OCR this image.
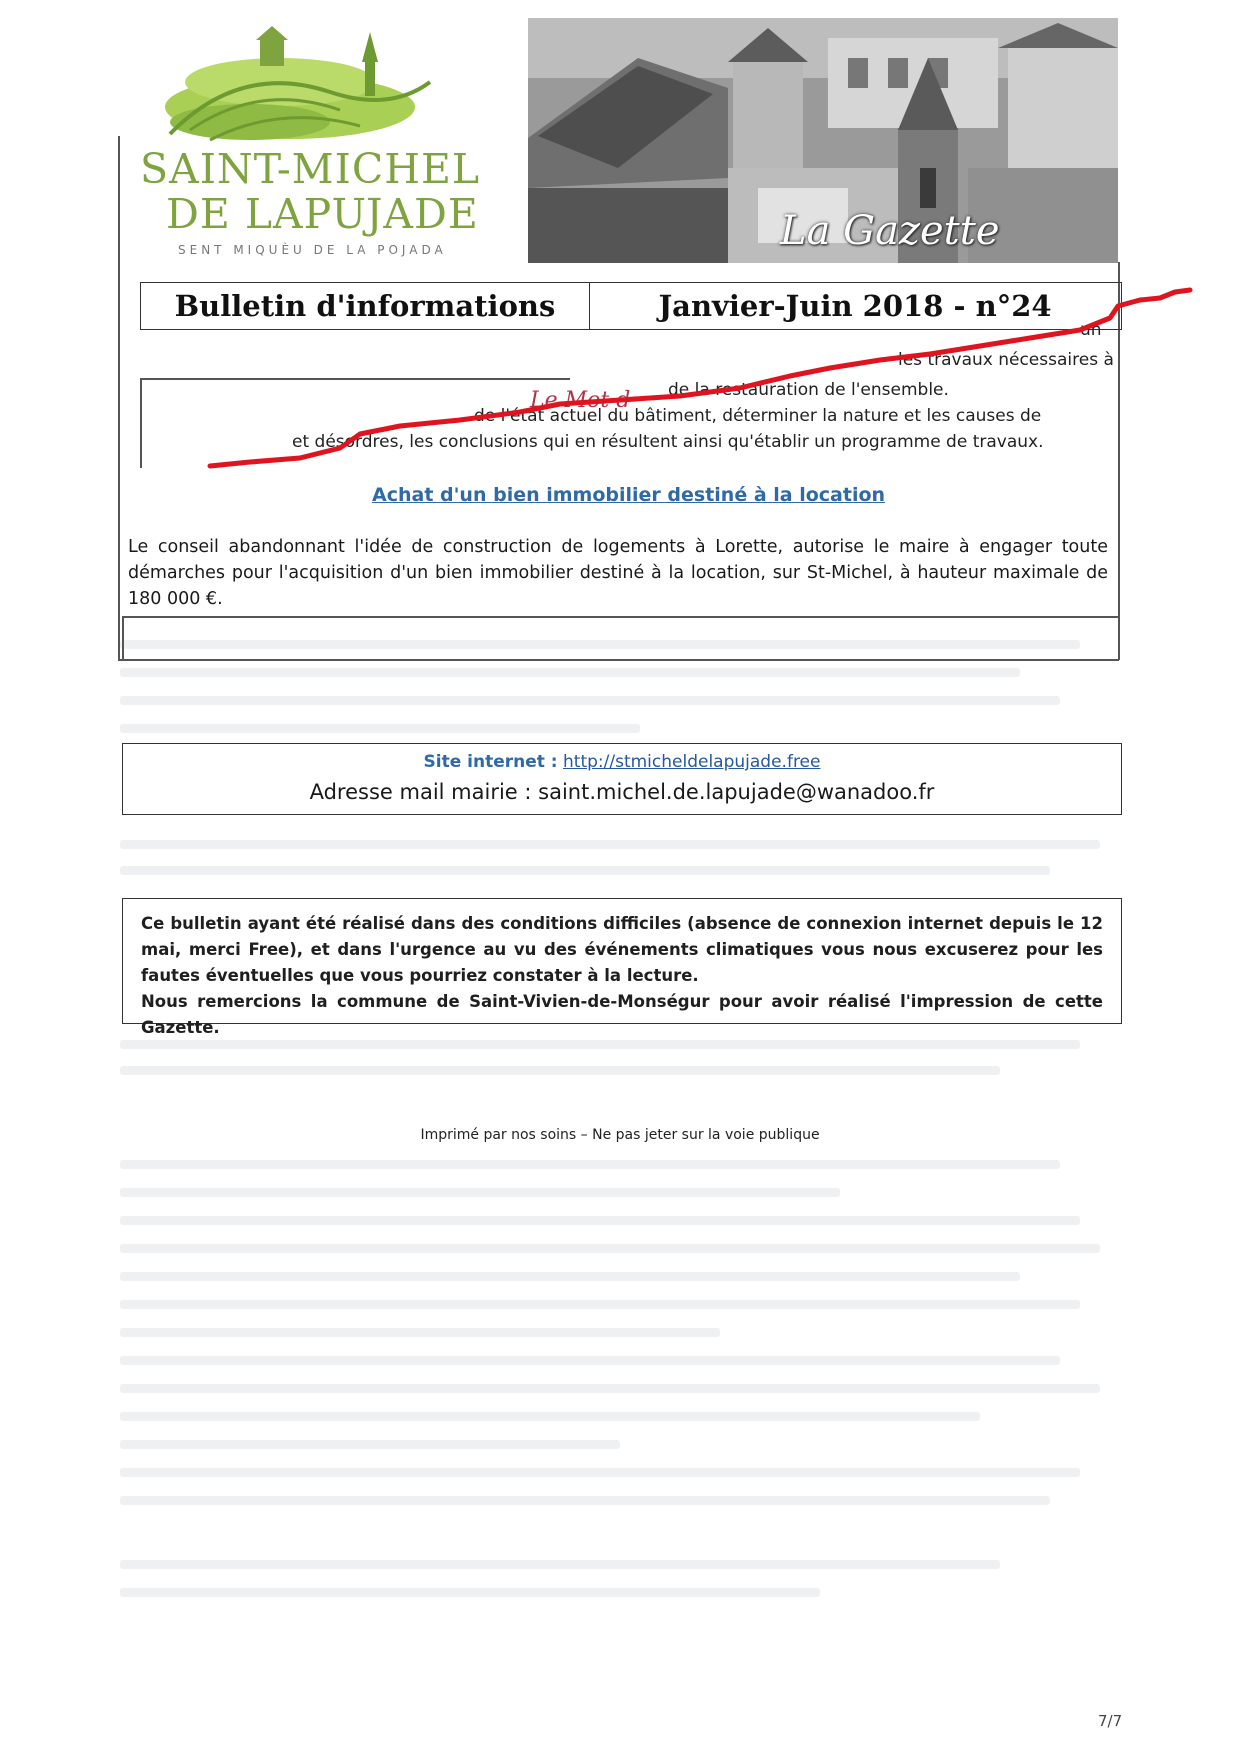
SAINT-MICHEL
DE LAPUJADE
SENT MIQUÈU DE LA POJADA	La Gazette
Bulletin d'informations	Janvier-Juin 2018 - n°24
un
les travaux nécessaires à
Le Mot d de la restauration de l'ensemble.
de l'état actuel du bâtiment, déterminer la nature et les causes de
et désordres, les conclusions qui en résultent ainsi qu'établir un programme de travaux.
Achat d'un bien immobilier destiné à la location
Le conseil abandonnant l'idée de construction de logements à Lorette, autorise le maire à engager toute démarches pour l'acquisition d'un bien immobilier destiné à la location, sur St-Michel, à hauteur maximale de 180 000 €.
Site internet : http://stmicheldelapujade.free
Adresse mail mairie : saint.michel.de.lapujade@wanadoo.fr

Ce bulletin ayant été réalisé dans des conditions difficiles (absence de connexion internet depuis le 12 mai, merci Free), et dans l'urgence au vu des événements climatiques vous nous excuserez pour les fautes éventuelles que vous pourriez constater à la lecture.

Nous remercions la commune de Saint-Vivien-de-Monségur pour avoir réalisé l'impression de cette Gazette.

Imprimé par nos soins – Ne pas jeter sur la voie publique
7/7
